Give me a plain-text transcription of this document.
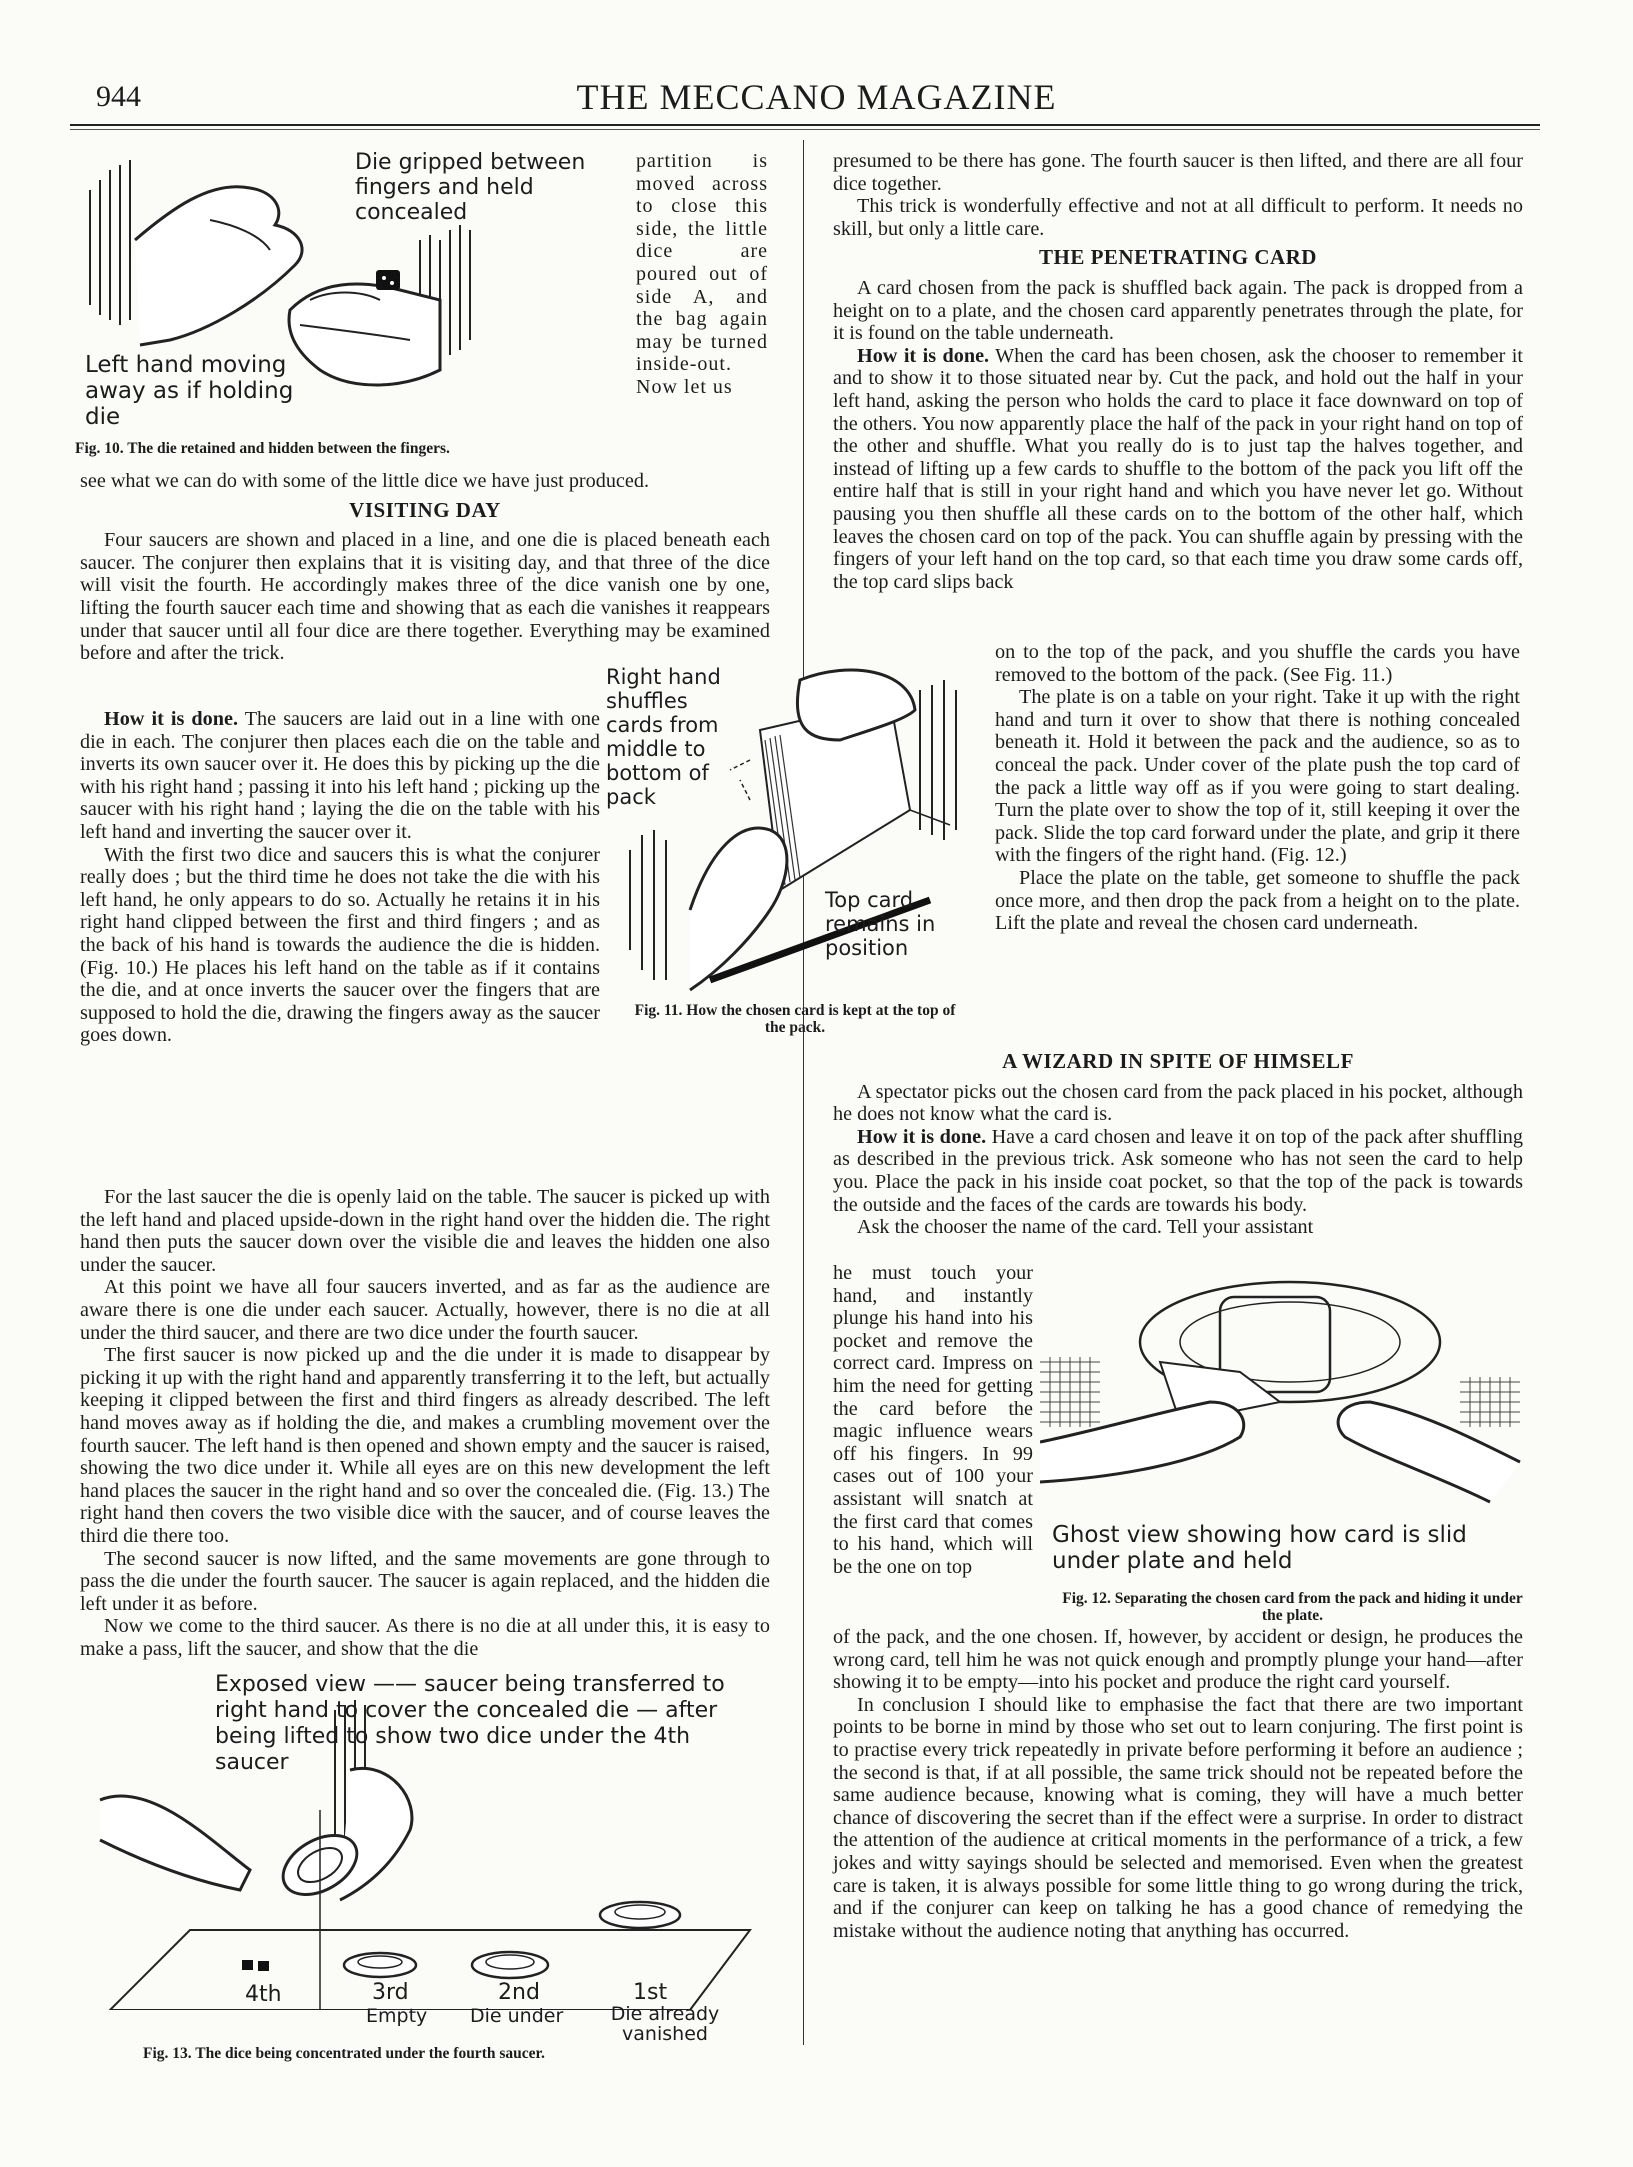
944	THE MECCANO MAGAZINE
Die gripped between fingers and held concealed
Left hand moving away as if holding die
Fig. 10. The die retained and hidden between the fingers.

partition is moved across to close this side, the little dice are poured out of side A, and the bag again may be turned inside-out. Now let us

see what we can do with some of the little dice we have just produced.

VISITING DAY

Four saucers are shown and placed in a line, and one die is placed beneath each saucer. The conjurer then explains that it is visiting day, and that three of the dice will visit the fourth. He accordingly makes three of the dice vanish one by one, lifting the fourth saucer each time and showing that as each die vanishes it reappears under that saucer until all four dice are there together. Everything may be examined before and after the trick.

How it is done. The saucers are laid out in a line with one die in each. The conjurer then places each die on the table and inverts its own saucer over it. He does this by picking up the die with his right hand ; passing it into his left hand ; picking up the saucer with his right hand ; laying the die on the table with his left hand and inverting the saucer over it.

With the first two dice and saucers this is what the conjurer really does ; but the third time he does not take the die with his left hand, he only appears to do so. Actually he retains it in his right hand clipped between the first and third fingers ; and as the back of his hand is towards the audience the die is hidden. (Fig. 10.) He places his left hand on the table as if it contains the die, and at once inverts the saucer over the fingers that are supposed to hold the die, drawing the fingers away as the saucer goes down.

For the last saucer the die is openly laid on the table. The saucer is picked up with the left hand and placed upside-down in the right hand over the hidden die. The right hand then puts the saucer down over the visible die and leaves the hidden one also under the saucer.

At this point we have all four saucers inverted, and as far as the audience are aware there is one die under each saucer. Actually, however, there is no die at all under the third saucer, and there are two dice under the fourth saucer.

The first saucer is now picked up and the die under it is made to disappear by picking it up with the right hand and apparently transferring it to the left, but actually keeping it clipped between the first and third fingers as already described. The left hand moves away as if holding the die, and makes a crumbling movement over the fourth saucer. The left hand is then opened and shown empty and the saucer is raised, showing the two dice under it. While all eyes are on this new development the left hand places the saucer in the right hand and so over the concealed die. (Fig. 13.) The right hand then covers the two visible dice with the saucer, and of course leaves the third die there too.

The second saucer is now lifted, and the same movements are gone through to pass the die under the fourth saucer. The saucer is again replaced, and the hidden die left under it as before.

Now we come to the third saucer. As there is no die at all under this, it is easy to make a pass, lift the saucer, and show that the die

Right hand shuffles cards from middle to bottom of pack
Top card remains in position
Fig. 11. How the chosen card is kept at the top of the pack.
Exposed view —— saucer being transferred to right hand to cover the concealed die — after being lifted to show two dice under the 4th saucer
4th	3rd
Empty
2nd
Die under
1st
Die already vanished
Fig. 13. The dice being concentrated under the fourth saucer.

presumed to be there has gone. The fourth saucer is then lifted, and there are all four dice together.

This trick is wonderfully effective and not at all difficult to perform. It needs no skill, but only a little care.

THE PENETRATING CARD

A card chosen from the pack is shuffled back again. The pack is dropped from a height on to a plate, and the chosen card apparently penetrates through the plate, for it is found on the table underneath.

How it is done. When the card has been chosen, ask the chooser to remember it and to show it to those situated near by. Cut the pack, and hold out the half in your left hand, asking the person who holds the card to place it face downward on top of the others. You now apparently place the half of the pack in your right hand on top of the other and shuffle. What you really do is to just tap the halves together, and instead of lifting up a few cards to shuffle to the bottom of the pack you lift off the entire half that is still in your right hand and which you have never let go. Without pausing you then shuffle all these cards on to the bottom of the other half, which leaves the chosen card on top of the pack. You can shuffle again by pressing with the fingers of your left hand on the top card, so that each time you draw some cards off, the top card slips back

on to the top of the pack, and you shuffle the cards you have removed to the bottom of the pack. (See Fig. 11.)

The plate is on a table on your right. Take it up with the right hand and turn it over to show that there is nothing concealed beneath it. Hold it between the pack and the audience, so as to conceal the pack. Under cover of the plate push the top card of the pack a little way off as if you were going to start dealing. Turn the plate over to show the top of it, still keeping it over the pack. Slide the top card forward under the plate, and grip it there with the fingers of the right hand. (Fig. 12.)

Place the plate on the table, get someone to shuffle the pack once more, and then drop the pack from a height on to the plate. Lift the plate and reveal the chosen card underneath.

A WIZARD IN SPITE OF HIMSELF

A spectator picks out the chosen card from the pack placed in his pocket, although he does not know what the card is.

How it is done. Have a card chosen and leave it on top of the pack after shuffling as described in the previous trick. Ask someone who has not seen the card to help you. Place the pack in his inside coat pocket, so that the top of the pack is towards the outside and the faces of the cards are towards his body.

Ask the chooser the name of the card. Tell your assistant

he must touch your hand, and instantly plunge his hand into his pocket and remove the correct card. Impress on him the need for getting the card before the magic influence wears off his fingers. In 99 cases out of 100 your assistant will snatch at the first card that comes to his hand, which will be the one on top

Ghost view showing how card is slid under plate and held
Fig. 12. Separating the chosen card from the pack and hiding it under the plate.

of the pack, and the one chosen. If, however, by accident or design, he produces the wrong card, tell him he was not quick enough and promptly plunge your hand—after showing it to be empty—into his pocket and produce the right card yourself.

In conclusion I should like to emphasise the fact that there are two important points to be borne in mind by those who set out to learn conjuring. The first point is to practise every trick repeatedly in private before performing it before an audience ; the second is that, if at all possible, the same trick should not be repeated before the same audience because, knowing what is coming, they will have a much better chance of discovering the secret than if the effect were a surprise. In order to distract the attention of the audience at critical moments in the performance of a trick, a few jokes and witty sayings should be selected and memorised. Even when the greatest care is taken, it is always possible for some little thing to go wrong during the trick, and if the conjurer can keep on talking he has a good chance of remedying the mistake without the audience noting that anything has occurred.
